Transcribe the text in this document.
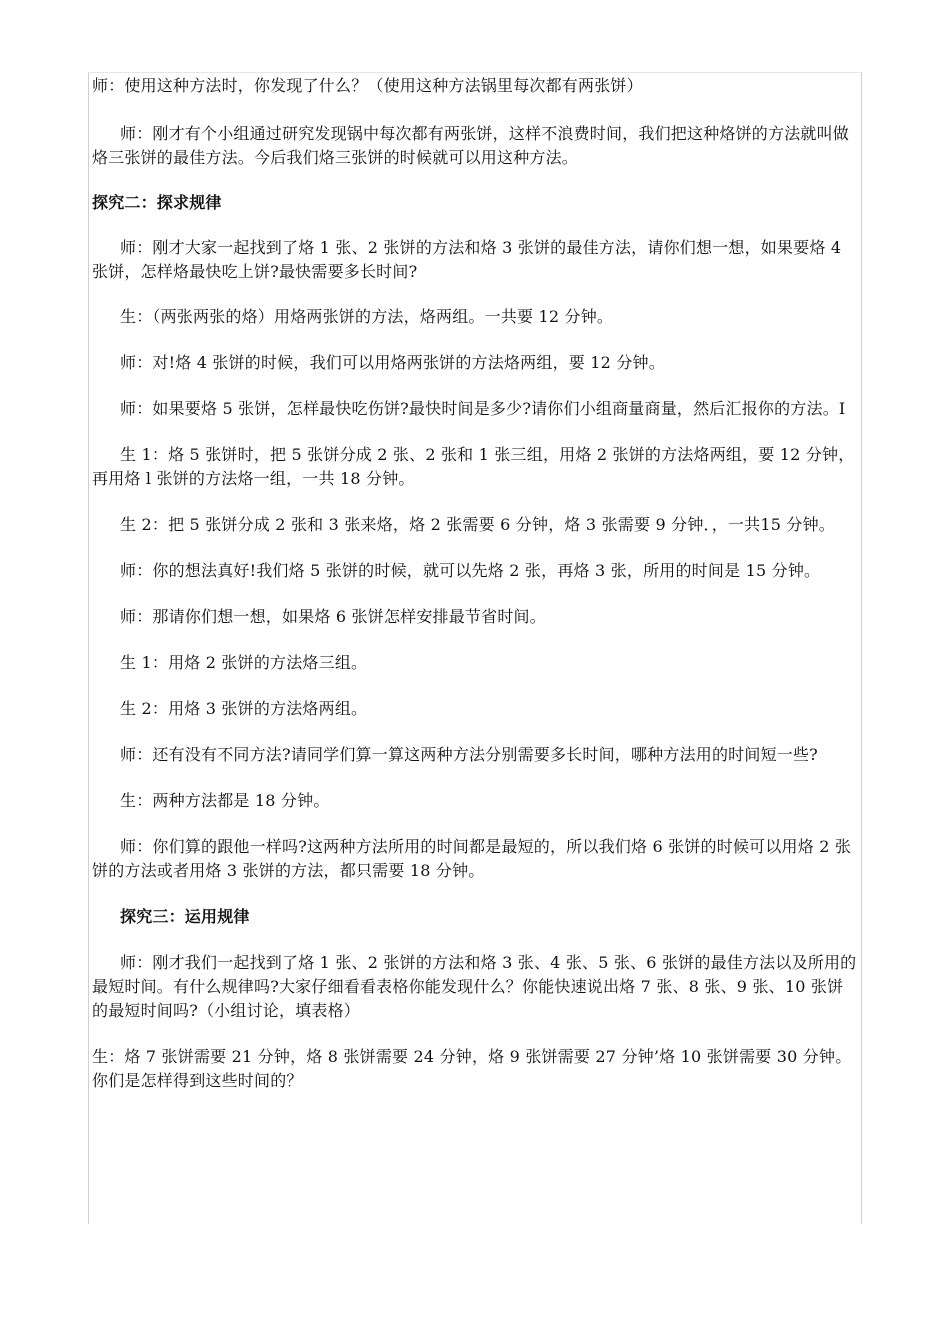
师：使用这种方法时，你发现了什么？（使用这种方法锅里每次都有两张饼）

师：刚才有个小组通过研究发现锅中每次都有两张饼，这样不浪费时间，我们把这种烙饼的方法就叫做烙三张饼的最佳方法。今后我们烙三张饼的时候就可以用这种方法。

探究二：探求规律

师：刚才大家一起找到了烙 1 张、2 张饼的方法和烙 3 张饼的最佳方法，请你们想一想，如果要烙 4 张饼，怎样烙最快吃上饼?最快需要多长时间?

生：（两张两张的烙）用烙两张饼的方法，烙两组。一共要 12 分钟。

师：对!烙 4 张饼的时候，我们可以用烙两张饼的方法烙两组，要 12 分钟。

师：如果要烙 5 张饼，怎样最快吃伤饼?最快时间是多少?请你们小组商量商量，然后汇报你的方法。I

生 1：烙 5 张饼时，把 5 张饼分成 2 张、2 张和 1 张三组，用烙 2 张饼的方法烙两组，要 12 分钟，再用烙 l 张饼的方法烙一组，一共 18 分钟。

生 2：把 5 张饼分成 2 张和 3 张来烙，烙 2 张需要 6 分钟，烙 3 张需要 9 分钟．，一共15 分钟。

师：你的想法真好!我们烙 5 张饼的时候，就可以先烙 2 张，再烙 3 张，所用的时间是 15 分钟。

师：那请你们想一想，如果烙 6 张饼怎样安排最节省时间。

生 1：用烙 2 张饼的方法烙三组。

生 2：用烙 3 张饼的方法烙两组。

师：还有没有不同方法?请同学们算一算这两种方法分别需要多长时间，哪种方法用的时间短一些?

生：两种方法都是 18 分钟。

师：你们算的跟他一样吗?这两种方法所用的时间都是最短的，所以我们烙 6 张饼的时候可以用烙 2 张饼的方法或者用烙 3 张饼的方法，都只需要 18 分钟。

探究三：运用规律

师：刚才我们一起找到了烙 1 张、2 张饼的方法和烙 3 张、4 张、5 张、6 张饼的最佳方法以及所用的最短时间。有什么规律吗?大家仔细看看表格你能发现什么？你能快速说出烙 7 张、8 张、9 张、10 张饼的最短时间吗?（小组讨论，填表格）

生：烙 7 张饼需要 21 分钟，烙 8 张饼需要 24 分钟，烙 9 张饼需要 27 分钟’烙 10 张饼需要 30 分钟。你们是怎样得到这些时间的？
